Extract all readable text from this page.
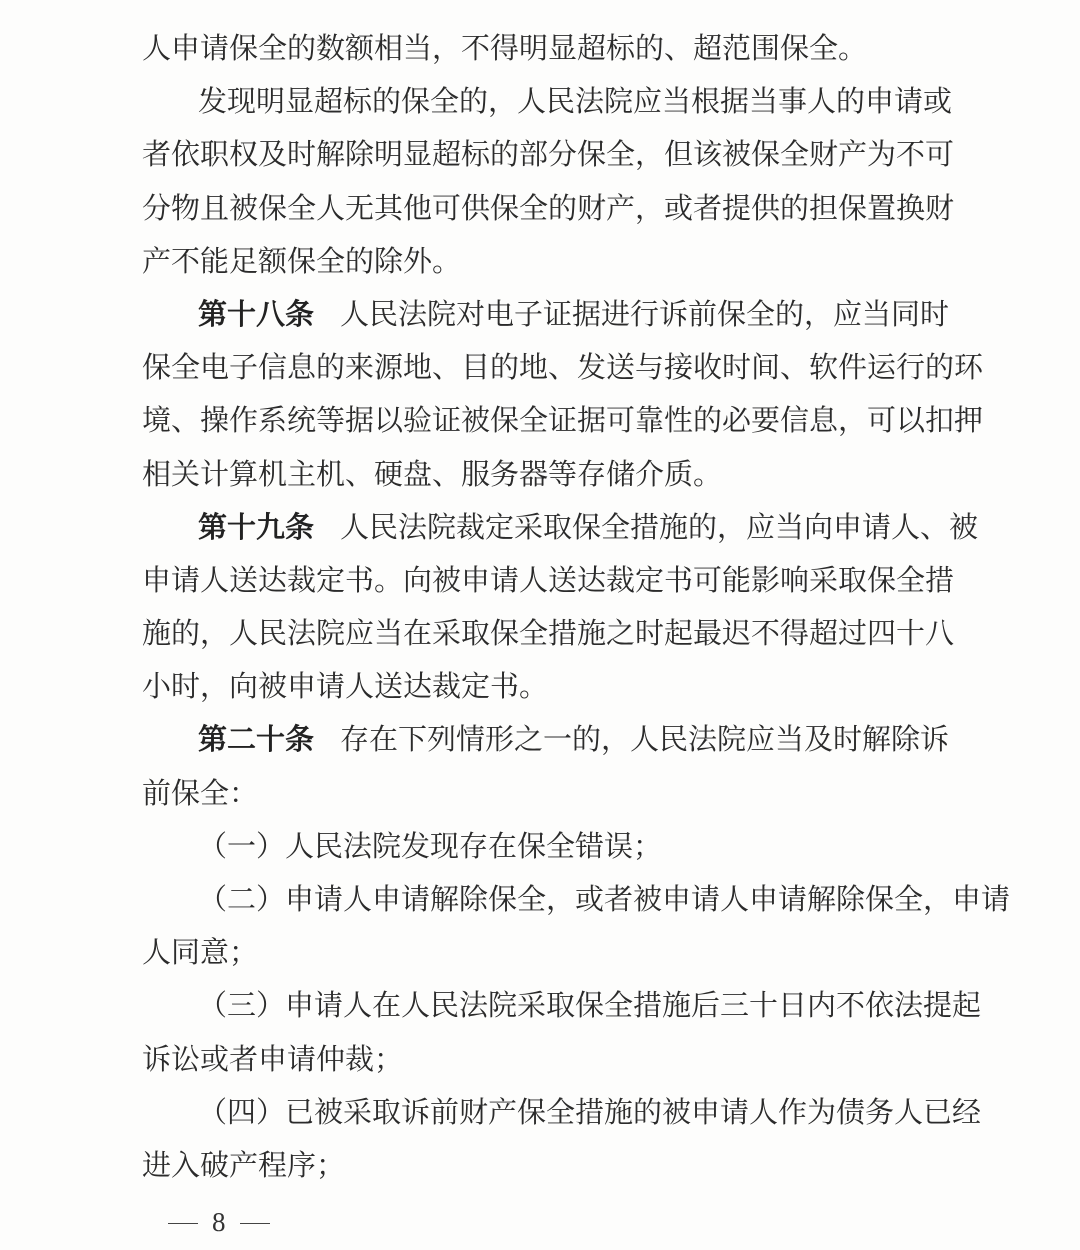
人申请保全的数额相当，不得明显超标的、超范围保全。
发现明显超标的保全的，人民法院应当根据当事人的申请或
者依职权及时解除明显超标的部分保全，但该被保全财产为不可
分物且被保全人无其他可供保全的财产，或者提供的担保置换财
产不能足额保全的除外。
第十八条 人民法院对电子证据进行诉前保全的，应当同时
保全电子信息的来源地、目的地、发送与接收时间、软件运行的环
境、操作系统等据以验证被保全证据可靠性的必要信息，可以扣押
相关计算机主机、硬盘、服务器等存储介质。
第十九条 人民法院裁定采取保全措施的，应当向申请人、被
申请人送达裁定书。向被申请人送达裁定书可能影响采取保全措
施的，人民法院应当在采取保全措施之时起最迟不得超过四十八
小时，向被申请人送达裁定书。
第二十条 存在下列情形之一的，人民法院应当及时解除诉
前保全：
（一）人民法院发现存在保全错误；
（二）申请人申请解除保全，或者被申请人申请解除保全，申请
人同意；
（三）申请人在人民法院采取保全措施后三十日内不依法提起
诉讼或者申请仲裁；
（四）已被采取诉前财产保全措施的被申请人作为债务人已经
进入破产程序；
8
